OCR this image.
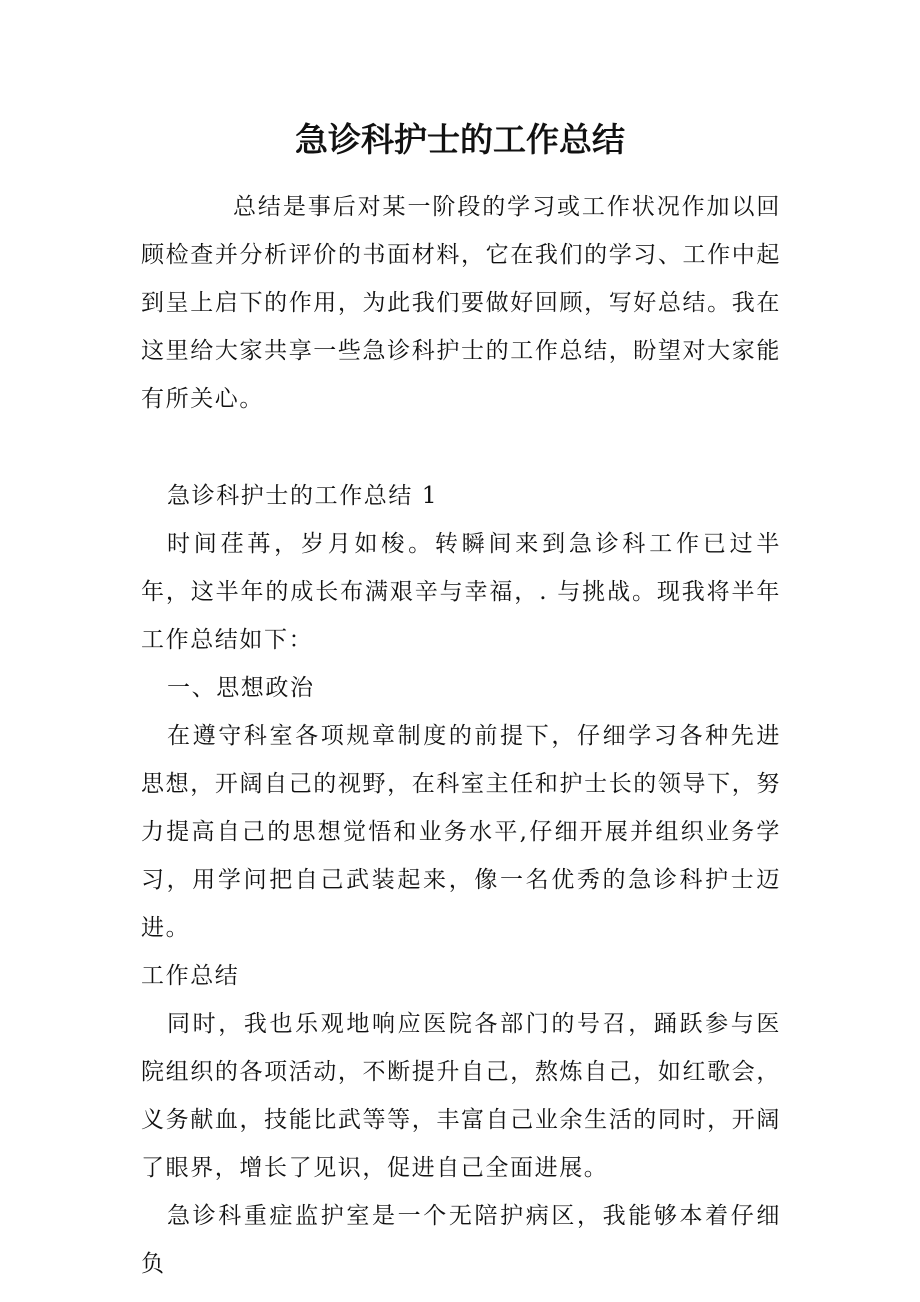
急诊科护士的工作总结

总结是事后对某一阶段的学习或工作状况作加以回顾检查并分析评价的书面材料，它在我们的学习、工作中起到呈上启下的作用，为此我们要做好回顾，写好总结。我在这里给大家共享一些急诊科护士的工作总结，盼望对大家能有所关心。

急诊科护士的工作总结 1

时间荏苒，岁月如梭。转瞬间来到急诊科工作已过半年，这半年的成长布满艰辛与幸福，. 与挑战。现我将半年工作总结如下：

一、思想政治

在遵守科室各项规章制度的前提下，仔细学习各种先进思想，开阔自己的视野，在科室主任和护士长的领导下，努力提高自己的思想觉悟和业务水平,仔细开展并组织业务学习，用学问把自己武装起来，像一名优秀的急诊科护士迈进。

工作总结

同时，我也乐观地响应医院各部门的号召，踊跃参与医院组织的各项活动，不断提升自己，熬炼自己，如红歌会，义务献血，技能比武等等，丰富自己业余生活的同时，开阔了眼界，增长了见识，促进自己全面进展。

急诊科重症监护室是一个无陪护病区，我能够本着仔细负
